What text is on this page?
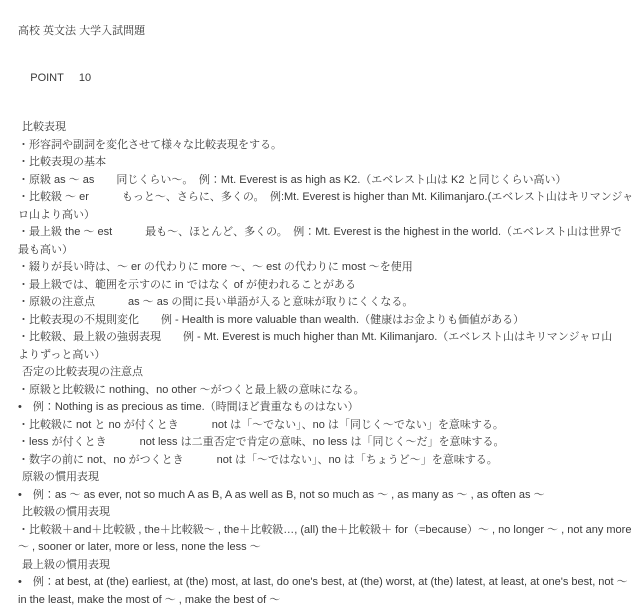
高校 英文法 大学入試問題

POINT 10

比較表現
・形容詞や副詞を変化させて様々な比較表現をする。
・比較表現の基本
・原級 as ～ as　　同じくらい～。　例：Mt. Everest is as high as K2.（エベレスト山は K2 と同じくらい高い）
・比較級 ～ er　　　もっと～、さらに、多くの。　例:Mt. Everest is higher than Mt. Kilimanjaro.(エベレスト山はキリマンジャ
ロ山より高い）
・最上級 the ～ est　　　最も～、ほとんど、多くの。　例：Mt. Everest is the highest in the world.（エベレスト山は世界で
最も高い）
・綴りが長い時は、～ er の代わりに more ～、～ est の代わりに most ～を使用
・最上級では、範囲を示すのに in ではなく of が使われることがある
・原級の注意点　　　as ～ as の間に長い単語が入ると意味が取りにくくなる。
・比較表現の不規則変化　　例 - Health is more valuable than wealth.（健康はお金よりも価値がある）
・比較級、最上級の強弱表現　　例 - Mt. Everest is much higher than Mt. Kilimanjaro.（エベレスト山はキリマンジャロ山
よりずっと高い）
否定の比較表現の注意点
・原級と比較級に nothing、no other ～がつくと最上級の意味になる。
•　例：Nothing is as precious as time.（時間ほど貴重なものはない）
・比較級に not と no が付くとき　　　not は「～でない」、no は「同じく～でない」を意味する。
・less が付くとき　　　not less は二重否定で肯定の意味、no less は「同じく～だ」を意味する。
・数字の前に not、no がつくとき　　　not は「～ではない」、no は「ちょうど～」を意味する。
原級の慣用表現
•　例：as ～ as ever, not so much A as B, A as well as B, not so much as ～ , as many as ～ , as often as ～
比較級の慣用表現
・比較級＋and＋比較級 , the＋比較級～ , the＋比較級…, (all) the＋比較級＋ for（=because）～ , no longer ～ , not any more
～ , sooner or later, more or less, none the less ～
最上級の慣用表現
•　例：at best, at (the) earliest, at (the) most, at last, do one's best, at (the) worst, at (the) latest, at least, at one's best, not ～
in the least, make the most of ～ , make the best of ～
